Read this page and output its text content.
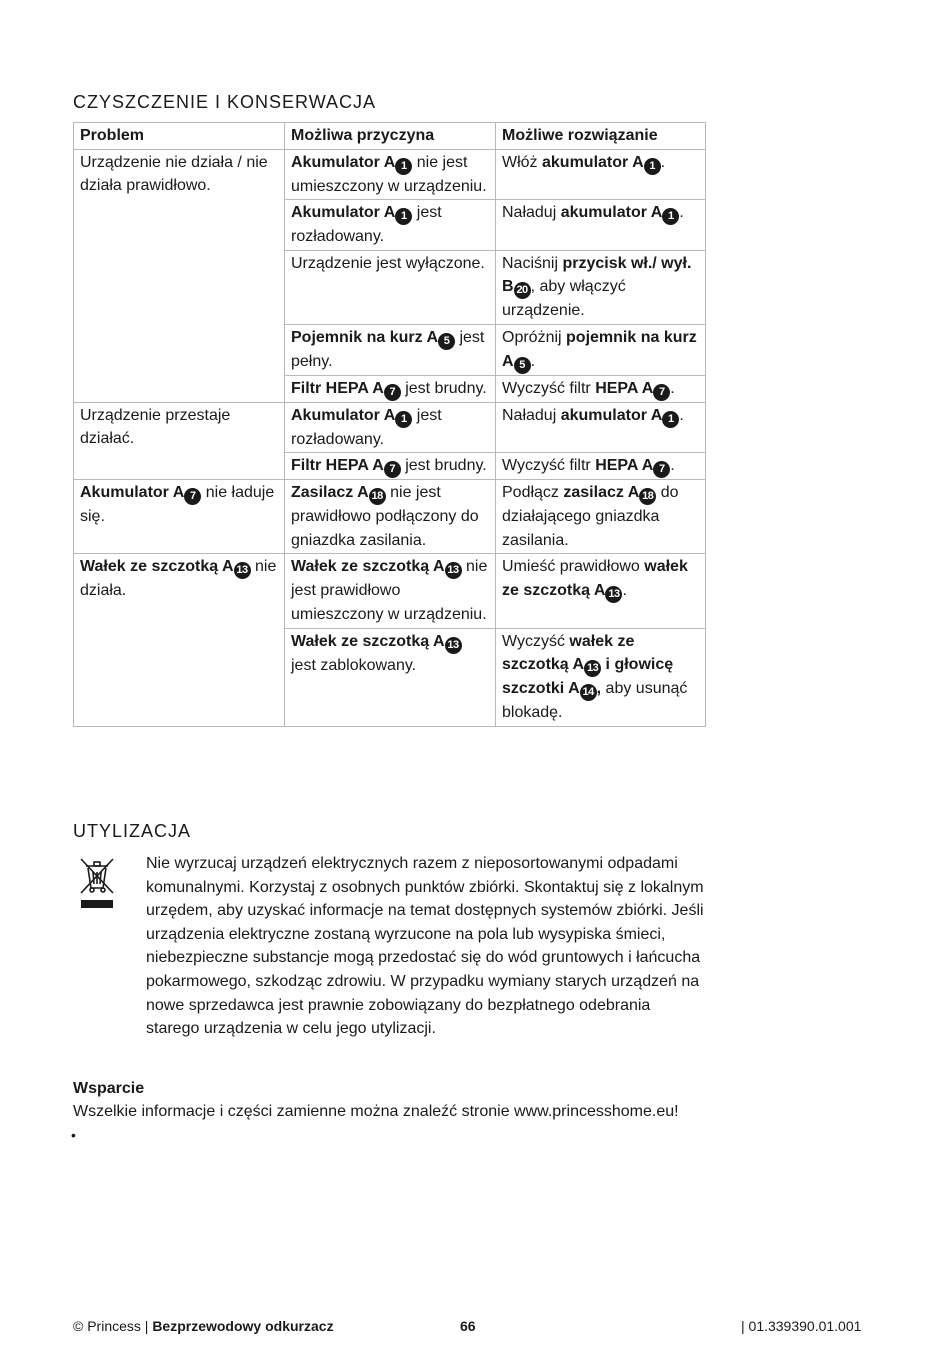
CZYSZCZENIE I KONSERWACJA
Problem	Możliwa przyczyna	Możliwe rozwiązanie
Urządzenie nie działa / nie działa prawidłowo.	Akumulator A 1 nie jest umieszczony w urządzeniu.	Włóż akumulator A 1 .
	Akumulator A 1 jest rozładowany.	Naładuj akumulator A 1 .
	Urządzenie jest wyłączone.	Naciśnij przycisk wł./ wył. B 20 , aby włączyć urządzenie.
	Pojemnik na kurz A 5 jest pełny.	Opróżnij pojemnik na kurz A 5 .
	Filtr HEPA A 7 jest brudny.	Wyczyść filtr HEPA A 7 .
Urządzenie przestaje działać.	Akumulator A 1 jest rozładowany.	Naładuj akumulator A 1 .
	Filtr HEPA A 7 jest brudny.	Wyczyść filtr HEPA A 7 .
Akumulator A 7 nie ładuje się.	Zasilacz A 18 nie jest prawidłowo podłączony do gniazdka zasilania.	Podłącz zasilacz A 18 do działającego gniazdka zasilania.
Wałek ze szczotką A 13 nie działa.	Wałek ze szczotką A 13 nie jest prawidłowo umieszczony w urządzeniu.	Umieść prawidłowo wałek ze szczotką A 13 .
	Wałek ze szczotką A 13 jest zablokowany.	Wyczyść wałek ze szczotką A 13 i głowicę szczotki A 14 , aby usunąć blokadę.
UTYLIZACJA

Nie wyrzucaj urządzeń elektrycznych razem z nieposortowanymi odpadami komunalnymi. Korzystaj z osobnych punktów zbiórki. Skontaktuj się z lokalnym urzędem, aby uzyskać informacje na temat dostępnych systemów zbiórki. Jeśli urządzenia elektryczne zostaną wyrzucone na pola lub wysypiska śmieci, niebezpieczne substancje mogą przedostać się do wód gruntowych i łańcucha pokarmowego, szkodząc zdrowiu. W przypadku wymiany starych urządzeń na nowe sprzedawca jest prawnie zobowiązany do bezpłatnego odebrania starego urządzenia w celu jego utylizacji.

Wsparcie

Wszelkie informacje i części zamienne można znaleźć stronie www.princesshome.eu!

•
© Princess | Bezprzewodowy odkurzacz	66	| 01.339390.01.001
